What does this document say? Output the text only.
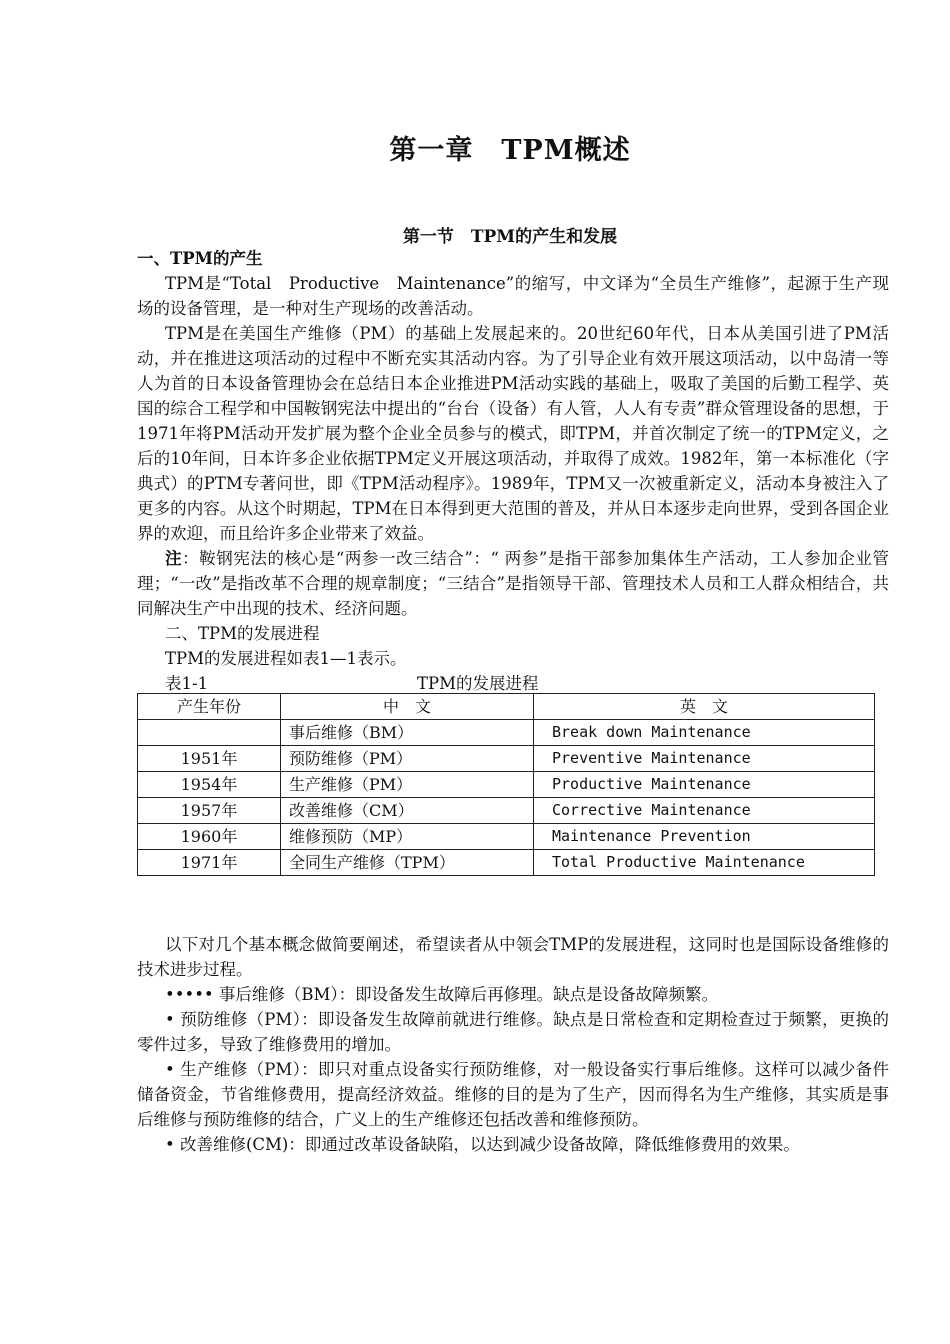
第一章　TPM概述
第一节　TPM的产生和发展

一、TPM的产生

TPM是“Total　Productive　Maintenance”的缩写，中文译为“全员生产维修”，起源于生产现场的设备管理，是一种对生产现场的改善活动。

TPM是在美国生产维修（PM）的基础上发展起来的。20世纪60年代，日本从美国引进了PM活动，并在推进这项活动的过程中不断充实其活动内容。为了引导企业有效开展这项活动，以中岛清一等人为首的日本设备管理协会在总结日本企业推进PM活动实践的基础上，吸取了美国的后勤工程学、英国的综合工程学和中国鞍钢宪法中提出的“台台（设备）有人管，人人有专责”群众管理设备的思想，于1971年将PM活动开发扩展为整个企业全员参与的模式，即TPM，并首次制定了统一的TPM定义，之后的10年间，日本许多企业依据TPM定义开展这项活动，并取得了成效。1982年，第一本标准化（字典式）的PTM专著问世，即《TPM活动程序》。1989年，TPM又一次被重新定义，活动本身被注入了更多的内容。从这个时期起，TPM在日本得到更大范围的普及，并从日本逐步走向世界，受到各国企业界的欢迎，而且给许多企业带来了效益。

注：鞍钢宪法的核心是“两参一改三结合”：“ 两参”是指干部参加集体生产活动，工人参加企业管理；“一改”是指改革不合理的规章制度；“三结合”是指领导干部、管理技术人员和工人群众相结合，共同解决生产中出现的技术、经济问题。

二、TPM的发展进程

TPM的发展进程如表1—1表示。

表1-1	TPM的发展进程
产生年份	中　文	英　文
	事后维修（BM）	Break down Maintenance
1951年	预防维修（PM）	Preventive Maintenance
1954年	生产维修（PM）	Productive Maintenance
1957年	改善维修（CM）	Corrective Maintenance
1960年	维修预防（MP）	Maintenance Prevention
1971年	全同生产维修（TPM）	Total Productive Maintenance

以下对几个基本概念做简要阐述，希望读者从中领会TMP的发展进程，这同时也是国际设备维修的技术进步过程。

••••• 事后维修（BM）：即设备发生故障后再修理。缺点是设备故障频繁。

• 预防维修（PM）：即设备发生故障前就进行维修。缺点是日常检查和定期检查过于频繁，更换的零件过多，导致了维修费用的增加。

• 生产维修（PM）：即只对重点设备实行预防维修，对一般设备实行事后维修。这样可以减少备件储备资金，节省维修费用，提高经济效益。维修的目的是为了生产，因而得名为生产维修，其实质是事后维修与预防维修的结合，广义上的生产维修还包括改善和维修预防。

• 改善维修(CM)：即通过改革设备缺陷，以达到减少设备故障，降低维修费用的效果。
